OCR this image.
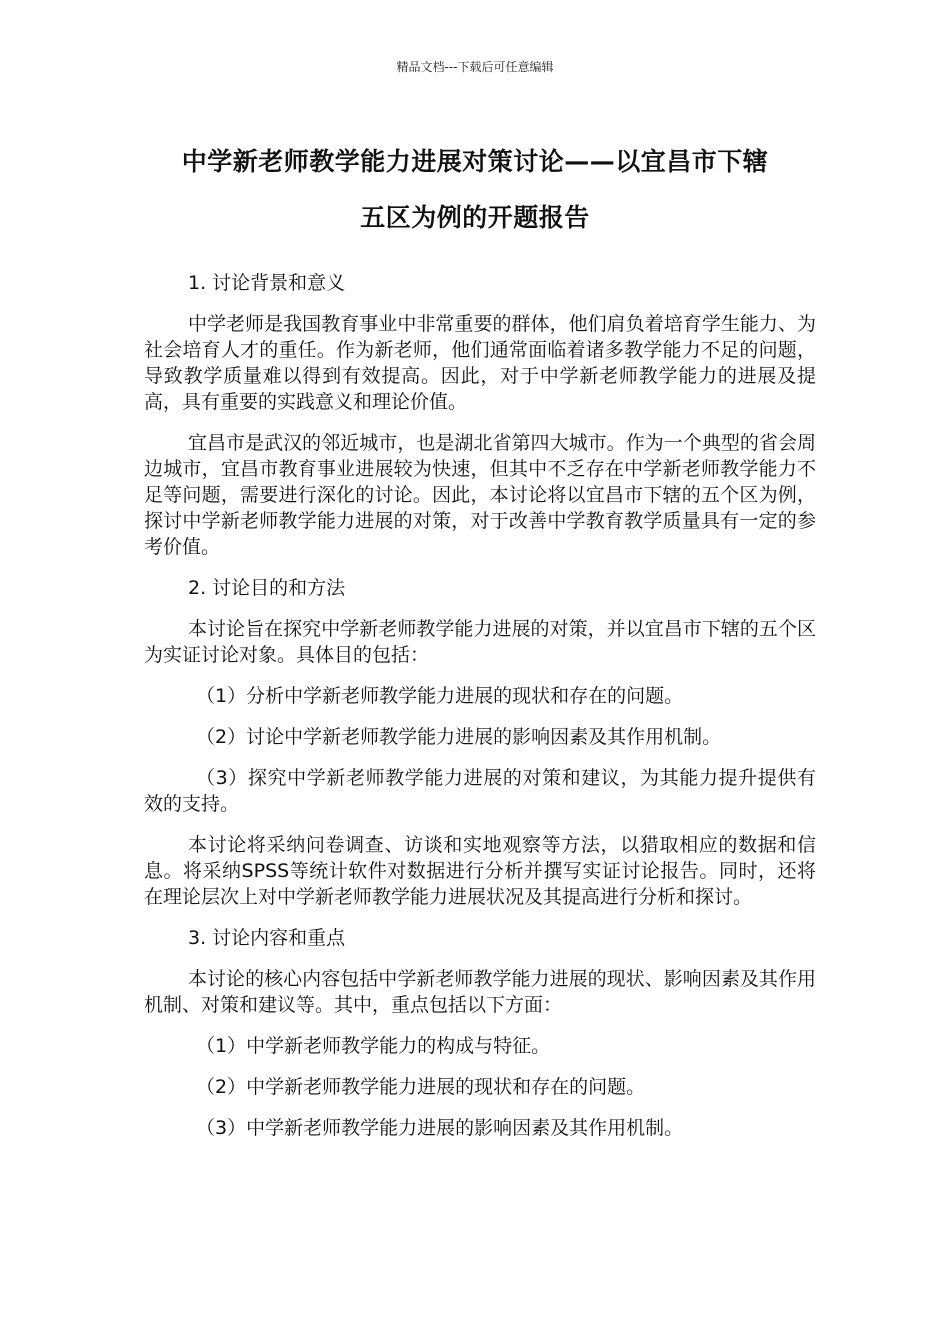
精品文档---下载后可任意编辑
中学新老师教学能力进展对策讨论——以宜昌市下辖
五区为例的开题报告

1. 讨论背景和意义

中学老师是我国教育事业中非常重要的群体，他们肩负着培育学生能力、为社会培育人才的重任。作为新老师，他们通常面临着诸多教学能力不足的问题，导致教学质量难以得到有效提高。因此，对于中学新老师教学能力的进展及提高，具有重要的实践意义和理论价值。

宜昌市是武汉的邻近城市，也是湖北省第四大城市。作为一个典型的省会周边城市，宜昌市教育事业进展较为快速，但其中不乏存在中学新老师教学能力不足等问题，需要进行深化的讨论。因此，本讨论将以宜昌市下辖的五个区为例，探讨中学新老师教学能力进展的对策，对于改善中学教育教学质量具有一定的参考价值。

2. 讨论目的和方法

本讨论旨在探究中学新老师教学能力进展的对策，并以宜昌市下辖的五个区为实证讨论对象。具体目的包括：

（1）分析中学新老师教学能力进展的现状和存在的问题。

（2）讨论中学新老师教学能力进展的影响因素及其作用机制。

（3）探究中学新老师教学能力进展的对策和建议，为其能力提升提供有效的支持。

本讨论将采纳问卷调查、访谈和实地观察等方法，以猎取相应的数据和信息。将采纳SPSS等统计软件对数据进行分析并撰写实证讨论报告。同时，还将在理论层次上对中学新老师教学能力进展状况及其提高进行分析和探讨。

3. 讨论内容和重点

本讨论的核心内容包括中学新老师教学能力进展的现状、影响因素及其作用机制、对策和建议等。其中，重点包括以下方面：

（1）中学新老师教学能力的构成与特征。

（2）中学新老师教学能力进展的现状和存在的问题。

（3）中学新老师教学能力进展的影响因素及其作用机制。
